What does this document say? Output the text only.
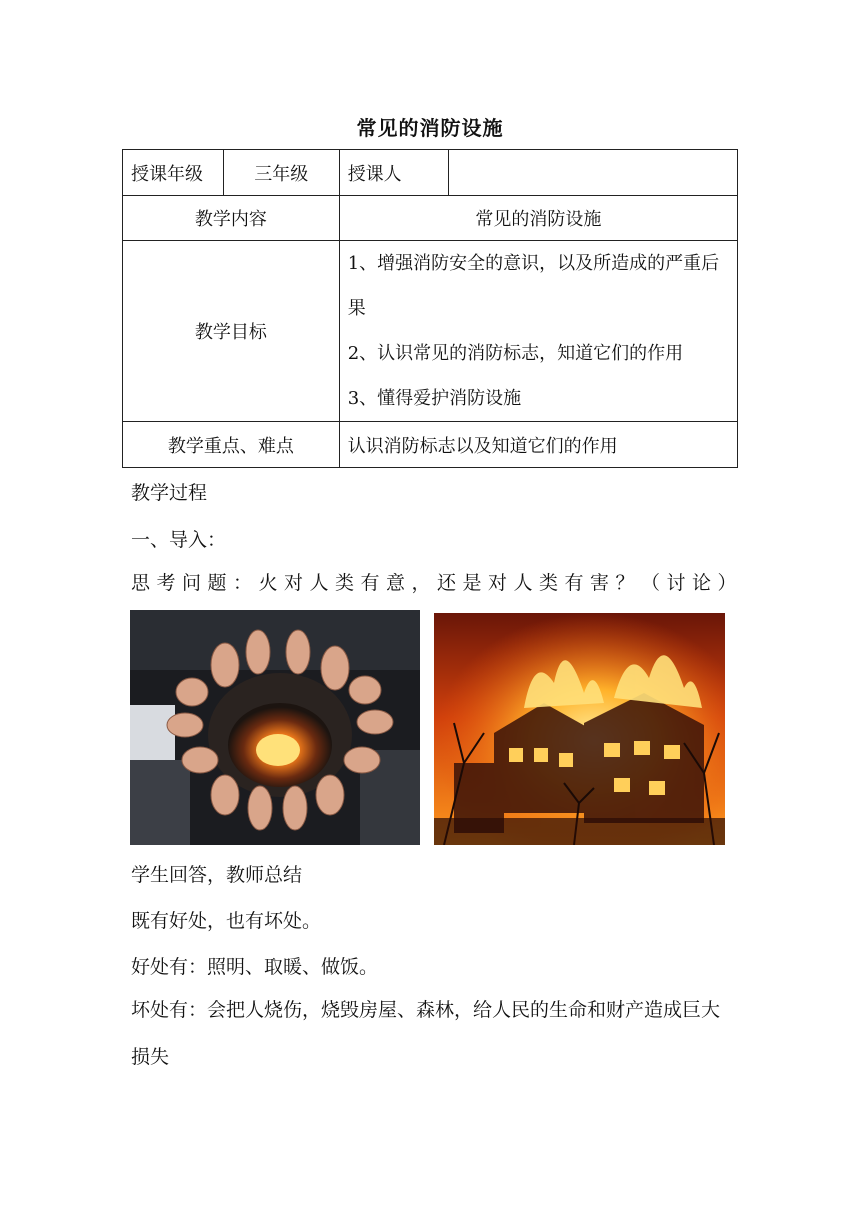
常见的消防设施
授课年级	三年级	授课人	
教学内容		常见的消防设施	
教学目标		1、增强消防安全的意识，以及所造成的严重后果
2、认识常见的消防标志，知道它们的作用
3、懂得爱护消防设施	

教学重点、难点		认识消防标志以及知道它们的作用	
教学过程
一、导入：
思考问题：火对人类有意，还是对人类有害？（讨论）
学生回答，教师总结
既有好处，也有坏处。
好处有：照明、取暖、做饭。
坏处有：会把人烧伤，烧毁房屋、森林，给人民的生命和财产造成巨大损失
